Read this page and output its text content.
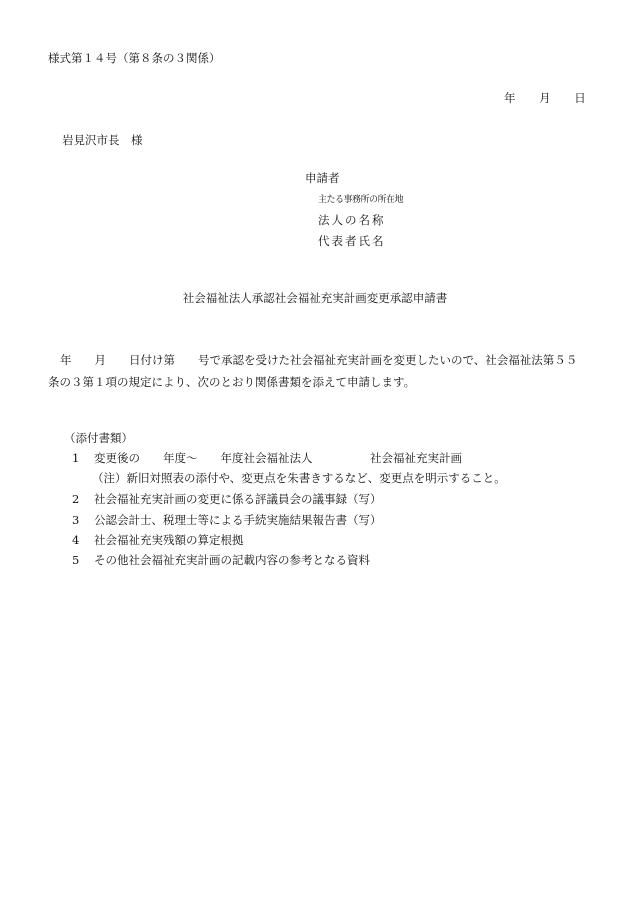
様式第１４号（第８条の３関係）
年 月 日
岩見沢市長　様
申請者
主たる事務所の所在地
法人の名称
代表者氏名
社会福祉法人承認社会福祉充実計画変更承認申請書
年　　月　　日付け第　　号で承認を受けた社会福祉充実計画を変更したいので、社会福祉法第５５条の３第１項の規定により、次のとおり関係書類を添えて申請します。
（添付書類）
1 変更後の　　年度〜　　年度社会福祉法人　　　　　社会福祉充実計画
（注）新旧対照表の添付や、変更点を朱書きするなど、変更点を明示すること。
2 社会福祉充実計画の変更に係る評議員会の議事録（写）
3 公認会計士、税理士等による手続実施結果報告書（写）
4 社会福祉充実残額の算定根拠
5 その他社会福祉充実計画の記載内容の参考となる資料
